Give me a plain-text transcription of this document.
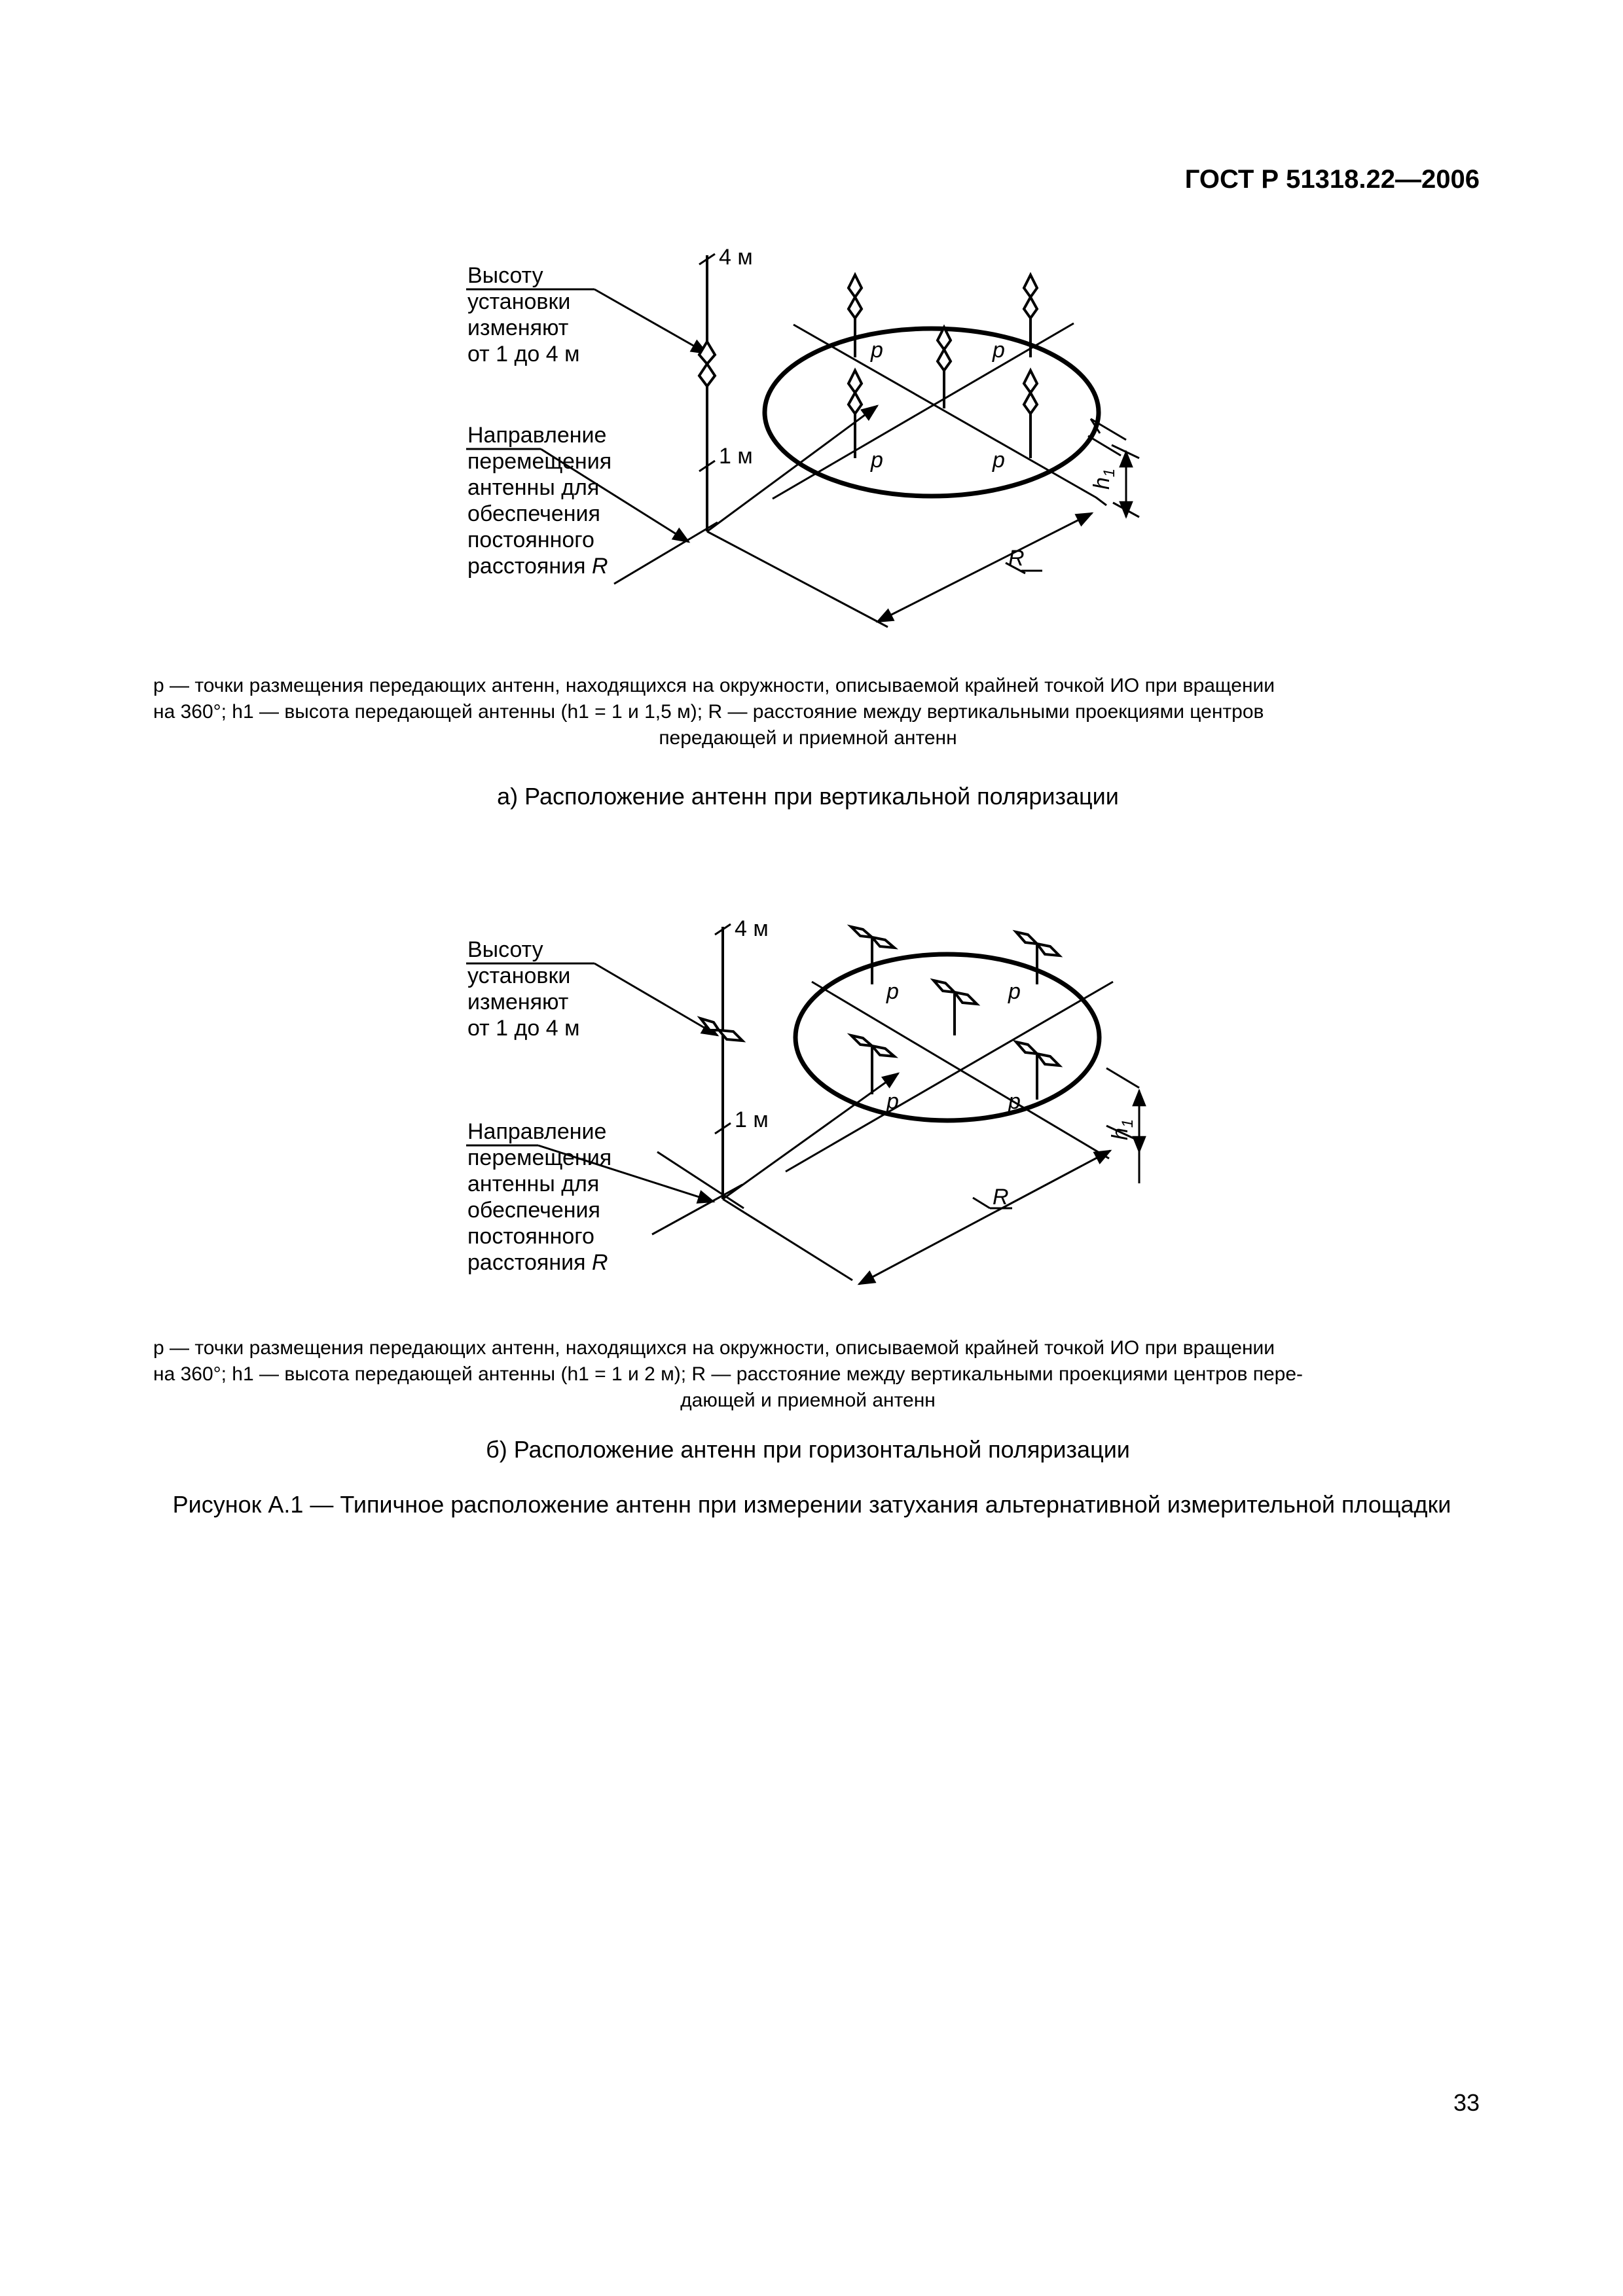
ГОСТ Р 51318.22—2006
Высоту
установки
изменяют
от 1 до 4 м
Направление
перемещения
антенны для
обеспечения
постоянного
расстояния R
4 м
1 м
R
$h_1$
p	p
p	p
Высоту
установки
изменяют
от 1 до 4 м
Направление
перемещения
антенны для
обеспечения
постоянного
расстояния R
4 м
1 м
R
$h_1$
p	p
p	p
p — точки размещения передающих антенн, находящихся на окружности, описываемой крайней точкой ИО при вращении
на 360°; h1 — высота передающей антенны (h1 = 1 и 1,5 м); R — расстояние между вертикальными проекциями центров
передающей и приемной антенн
а) Расположение антенн при вертикальной поляризации
p — точки размещения передающих антенн, находящихся на окружности, описываемой крайней точкой ИО при вращении
на 360°; h1 — высота передающей антенны (h1 = 1 и 2 м); R — расстояние между вертикальными проекциями центров пере-
дающей и приемной антенн
б) Расположение антенн при горизонтальной поляризации
Рисунок А.1 — Типичное расположение антенн при измерении затухания альтернативной измерительной площадки
33
